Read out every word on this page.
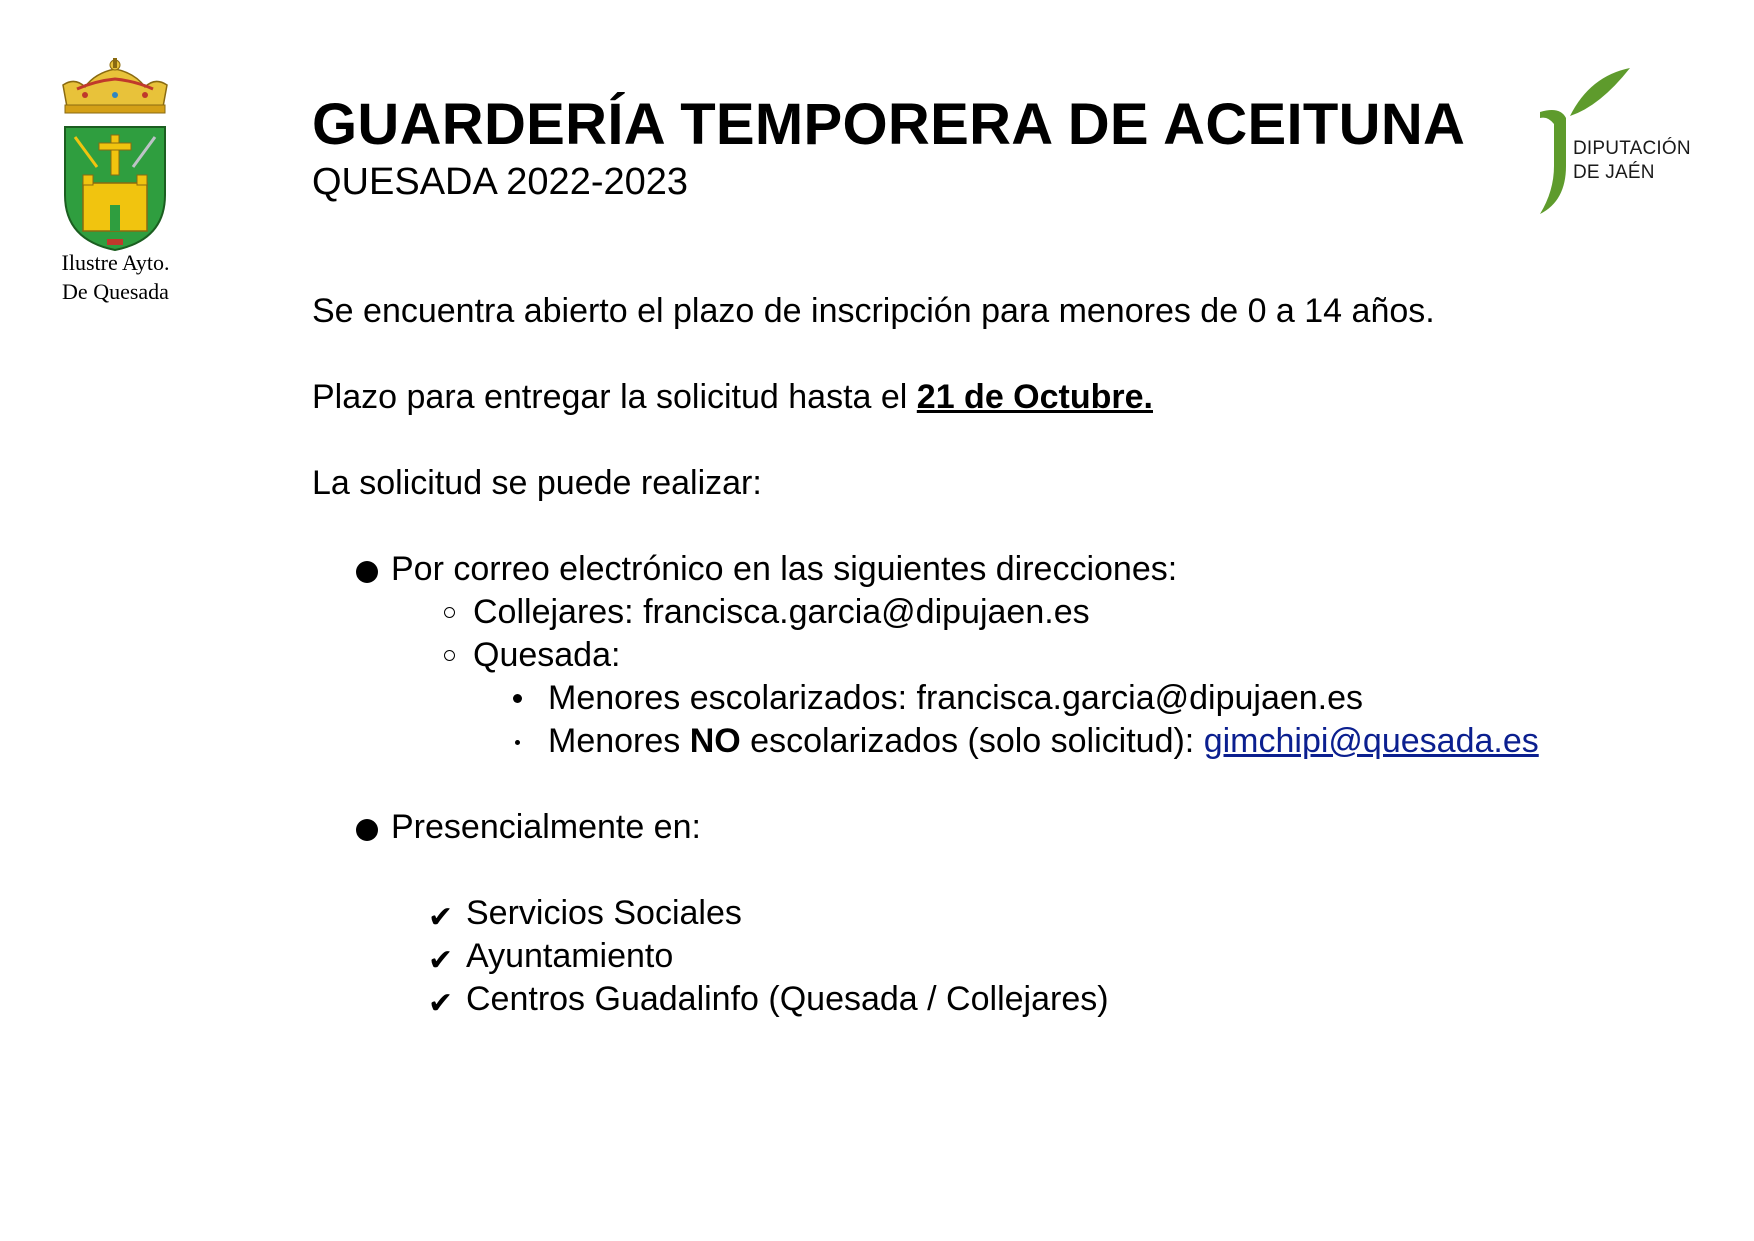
Ilustre Ayto.
De Quesada
DIPUTACIÓN
DE JAÉN
GUARDERÍA TEMPORERA DE ACEITUNA
QUESADA 2022-2023

Se encuentra abierto el plazo de inscripción para menores de 0 a 14 años.

Plazo para entregar la solicitud hasta el 21 de Octubre.

La solicitud se puede realizar:

Por correo electrónico en las siguientes direcciones:
Collejares: francisca.garcia@dipujaen.es
Quesada:
Menores escolarizados: francisca.garcia@dipujaen.es
Menores NO escolarizados (solo solicitud): gimchipi@quesada.es
Presencialmente en:
✔ Servicios Sociales
✔ Ayuntamiento
✔ Centros Guadalinfo (Quesada / Collejares)
